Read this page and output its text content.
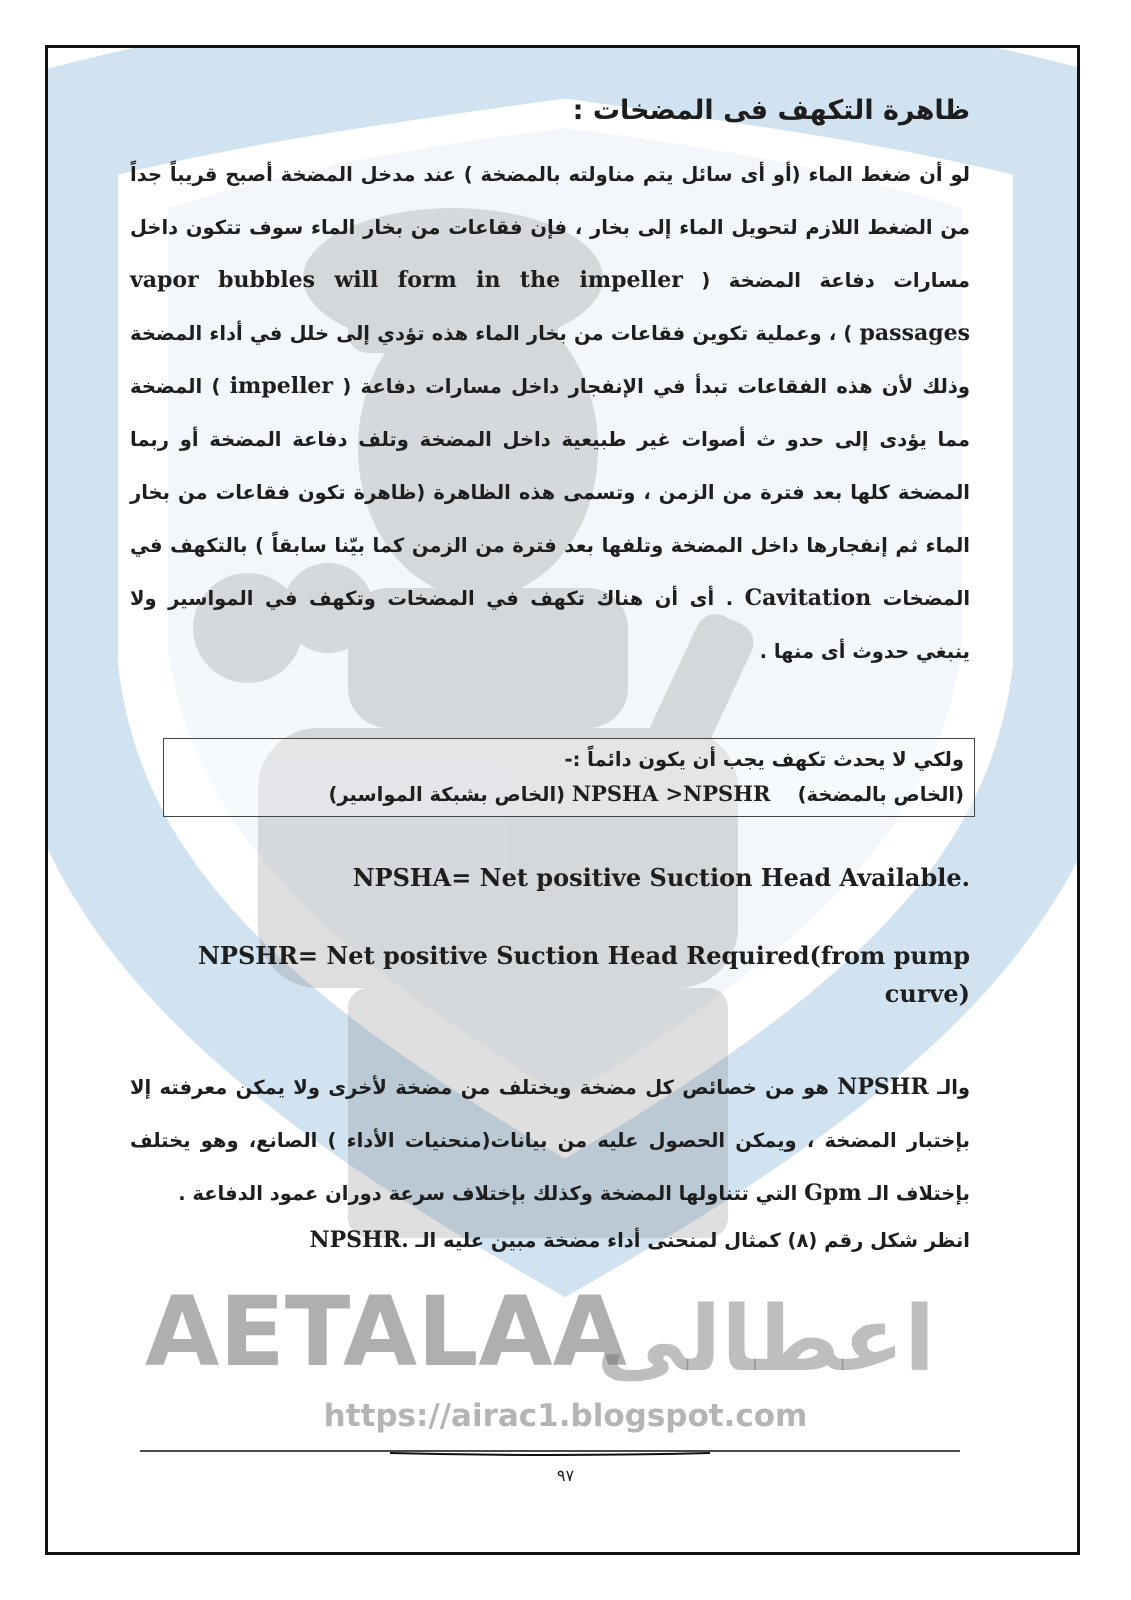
ظاهرة التكهف فى المضخات :

لو أن ضغط الماء (أو أى سائل يتم مناولته بالمضخة ) عند مدخل المضخة أصبح قريباً جداً من الضغط اللازم لتحويل الماء إلى بخار ، فإن فقاعات من بخار الماء سوف تتكون داخل مسارات دفاعة المضخة ( vapor bubbles will form in the impeller passages ) ، وعملية تكوين فقاعات من بخار الماء هذه تؤدي إلى خلل في أداء المضخة وذلك لأن هذه الفقاعات تبدأ في الإنفجار داخل مسارات دفاعة ( impeller ) المضخة مما يؤدى إلى حدو ث أصوات غير طبيعية داخل المضخة وتلف دفاعة المضخة أو ربما المضخة كلها بعد فترة من الزمن ، وتسمى هذه الظاهرة (ظاهرة تكون فقاعات من بخار الماء ثم إنفجارها داخل المضخة وتلفها بعد فترة من الزمن كما بيّنا سابقاً ) بالتكهف في المضخات Cavitation . أى أن هناك تكهف في المضخات وتكهف في المواسير ولا ينبغي حدوث أى منها .

ولكي لا يحدث تكهف يجب أن يكون دائماً :-
(الخاص بالمضخة)    NPSHA >NPSHR (الخاص بشبكة المواسير)

NPSHA= Net positive Suction Head Available.

NPSHR= Net positive Suction Head Required(from pump curve)

والـ NPSHR هو من خصائص كل مضخة ويختلف من مضخة لأخرى ولا يمكن معرفته إلا بإختبار المضخة ، ويمكن الحصول عليه من بيانات(منحنيات الأداء ) الصانع، وهو يختلف بإختلاف الـ Gpm التي تتناولها المضخة وكذلك بإختلاف سرعة دوران عمود الدفاعة .

انظر شكل رقم (٨) كمثال لمنحنى أداء مضخة مبين عليه الـ NPSHR.

AETALAA
اعطالى
https://airac1.blogspot.com
٩٧
